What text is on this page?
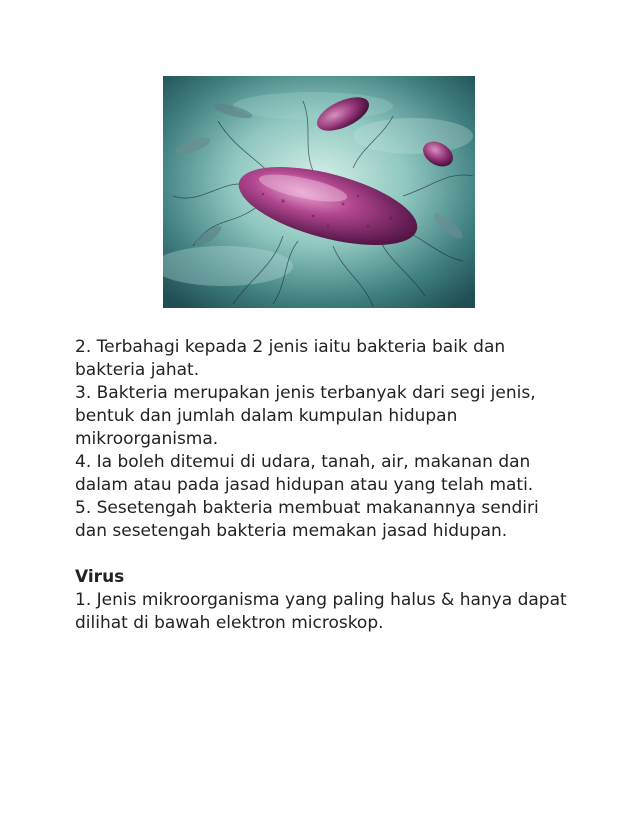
2. Terbahagi kepada 2 jenis iaitu bakteria baik dan bakteria jahat.

3. Bakteria merupakan jenis terbanyak dari segi jenis, bentuk dan jumlah dalam kumpulan hidupan mikroorganisma.

4. Ia boleh ditemui di udara, tanah, air, makanan dan dalam atau pada jasad hidupan atau yang telah mati.

5. Sesetengah bakteria membuat makanannya sendiri dan sesetengah bakteria memakan jasad hidupan.

Virus

1. Jenis mikroorganisma yang paling halus & hanya dapat dilihat di bawah elektron microskop.
